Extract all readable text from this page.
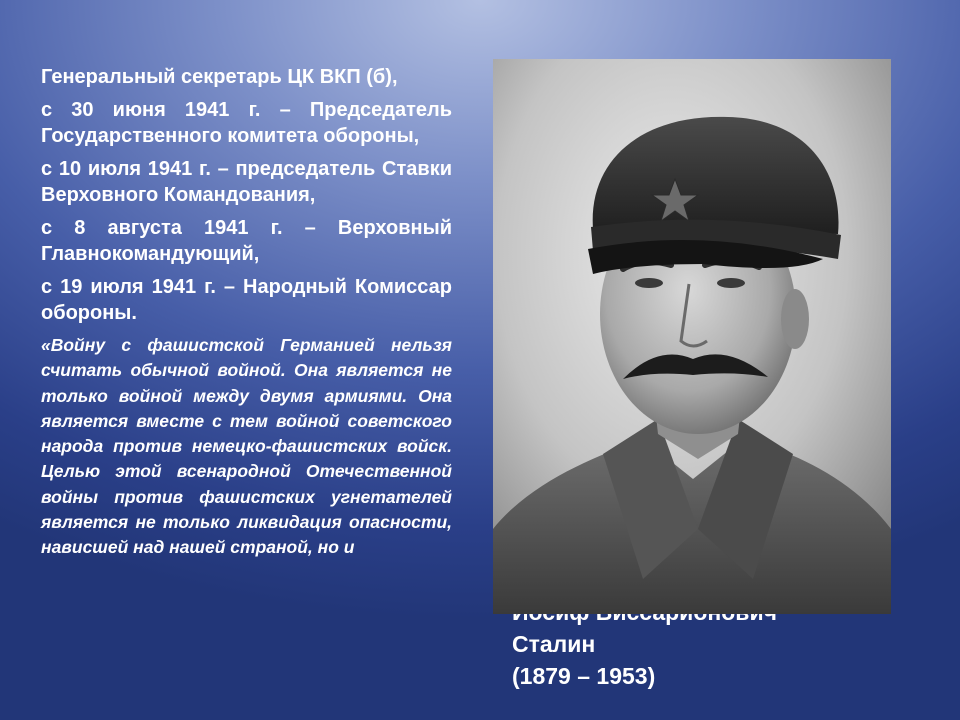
Генеральный секретарь ЦК ВКП (б),

с 30 июня 1941 г. – Председатель Государственного комитета обороны,

с 10 июля 1941 г. – председатель Ставки Верховного Командования,

с 8 августа 1941 г. – Верховный Главнокомандующий,

с 19 июля 1941 г. – Народный Комиссар обороны.

«Войну с фашистской Германией нельзя считать обычной войной. Она является не только войной между двумя армиями. Она является вместе с тем войной советского народа против немецко-фашистских войск. Целью этой всенародной Отечественной войны против фашистских угнетателей является не только ликвидация опасности, нависшей над нашей страной, но и

Сталин
(1879 – 1953)
